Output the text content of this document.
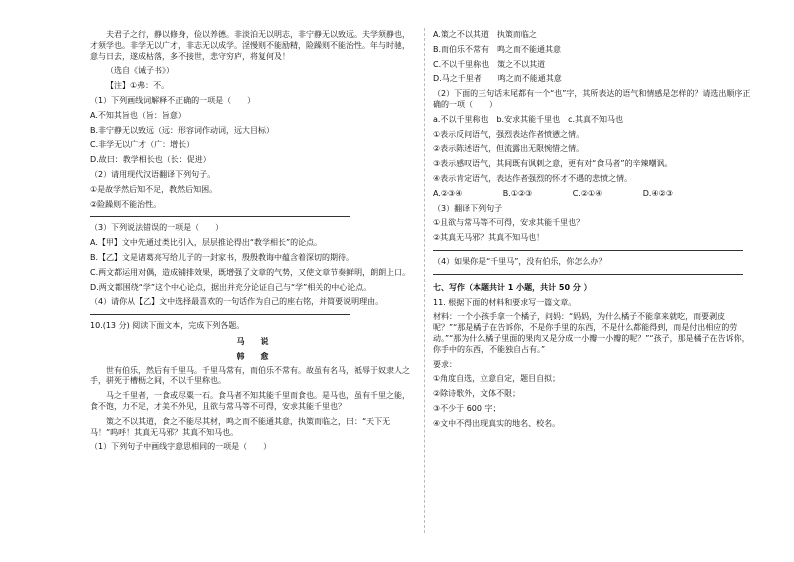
夫君子之行，静以修身，俭以养德。非淡泊无以明志，非宁静无以致远。夫学须静也，才须学也。非学无以广才，非志无以成学。淫慢则不能励精，险躁则不能治性。年与时驰，意与日去，遂成枯落，多不接世，悲守穷庐，将复何及！

（选自《诫子书》）

【注】①弗：不。

（1）下列画线词解释不正确的一项是（　　）

A.不知其旨也（旨：旨意）

B.非宁静无以致远（远：形容词作动词，远大目标）

C.非学无以广才（广：增长）

D.故曰：教学相长也（长：促进）

（2）请用现代汉语翻译下列句子。

①是故学然后知不足，教然后知困。

②险躁则不能治性。

（3）下列说法错误的一项是（　　）

A.【甲】文中先通过类比引入，层层推论得出“教学相长”的论点。

B.【乙】文是诸葛亮写给儿子的一封家书，殷殷教诲中蕴含着深切的期待。

C.两文都运用对偶，造成铺排效果，既增强了文章的气势，又使文章节奏鲜明，朗朗上口。

D.两文都围绕“学”这个中心论点，据出并充分论证自己与“学”相关的中心论点。

（4）请你从【乙】文中选择最喜欢的一句话作为自己的座右铭，并简要说明理由。

10.(13 分) 阅读下面文本，完成下列各题。

马　　说

韩　　愈

世有伯乐，然后有千里马。千里马常有，而伯乐不常有。故虽有名马，祗辱于奴隶人之手，骈死于槽枥之间，不以千里称也。

马之千里者，一食或尽粟一石。食马者不知其能千里而食也。是马也，虽有千里之能，食不饱，力不足，才美不外见，且欲与常马等不可得，安求其能千里也？

策之不以其道，食之不能尽其材，鸣之而不能通其意，执策而临之，曰：“天下无马！”呜呼！其真无马邪？其真不知马也。

（1）下列句子中画线字意思相同的一项是（　　）

A.策之不以其道　执策而临之

B.而伯乐不常有　鸣之而不能通其意

C.不以千里称也　策之不以其道

D.马之千里者　　鸣之而不能通其意

（2）下面的三句话末尾都有一个“也”字，其所表达的语气和情感是怎样的？请选出顺序正确的一项（　　）

a.不以千里称也　b.安求其能千里也　c.其真不知马也

①表示反问语气，强烈表达作者愤懑之情。

②表示陈述语气，但流露出无限惋惜之情。

③表示感叹语气，其间既有讽刺之意，更有对“食马者”的辛辣嘲讽。

④表示肯定语气，表达作者强烈的怀才不遇的悲愤之情。

A.②③④	B.①②③	C.②①④	D.④②③

（3）翻译下列句子

①且欲与常马等不可得，安求其能千里也？

②其真无马邪？其真不知马也！

（4）如果你是“千里马”，没有伯乐，你怎么办？

七、写作（本题共计 1 小题，共计 50 分 ）

11. 根据下面的材料和要求写一篇文章。

材料：一个小孩手拿一个橘子，问妈：“妈妈，为什么橘子不能拿来就吃，而要剥皮呢？”“那是橘子在告诉你，不是你手里的东西，不是什么都能得到，而是付出相应的劳动。”“那为什么橘子里面的果肉又是分成一小瓣一小瓣的呢？”“孩子，那是橘子在告诉你，你手中的东西，不能独自占有。”

要求：

①角度自选，立意自定，题目自拟；

②除诗歌外，文体不限；

③不少于 600 字；

④文中不得出现真实的地名、校名。
